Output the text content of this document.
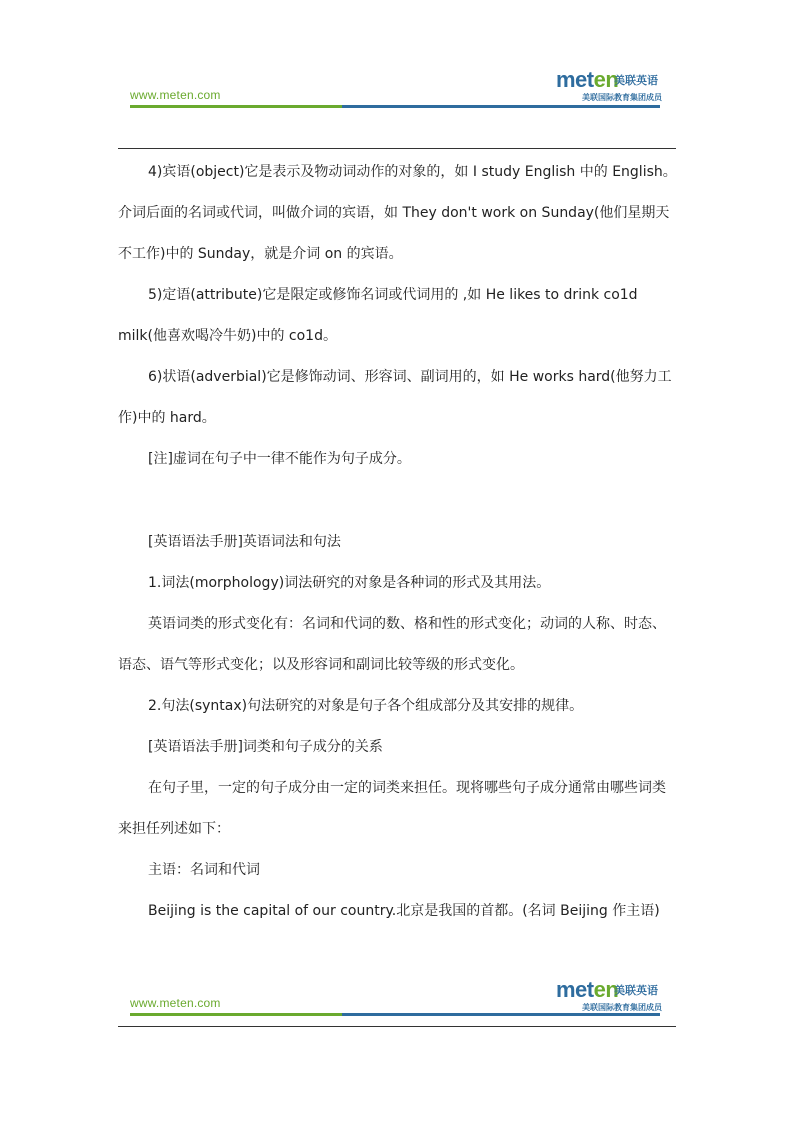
meten
美联英语
美联国际教育集团成员
www.meten.com

4)宾语(object)它是表示及物动词动作的对象的，如 I study English 中的 English。介词后面的名词或代词，叫做介词的宾语，如 They don't work on Sunday(他们星期天不工作)中的 Sunday，就是介词 on 的宾语。

5)定语(attribute)它是限定或修饰名词或代词用的 ,如 He likes to drink co1d milk(他喜欢喝冷牛奶)中的 co1d。

6)状语(adverbial)它是修饰动词、形容词、副词用的，如 He works hard(他努力工作)中的 hard。

[注]虚词在句子中一律不能作为句子成分。

[英语语法手册]英语词法和句法

1.词法(morphology)词法研究的对象是各种词的形式及其用法。

英语词类的形式变化有：名词和代词的数、格和性的形式变化；动词的人称、时态、语态、语气等形式变化；以及形容词和副词比较等级的形式变化。

2.句法(syntax)句法研究的对象是句子各个组成部分及其安排的规律。

[英语语法手册]词类和句子成分的关系

在句子里，一定的句子成分由一定的词类来担任。现将哪些句子成分通常由哪些词类来担任列述如下：

主语：名词和代词

Beijing is the capital of our country.北京是我国的首都。(名词 Beijing 作主语)

meten
美联英语
美联国际教育集团成员
www.meten.com
